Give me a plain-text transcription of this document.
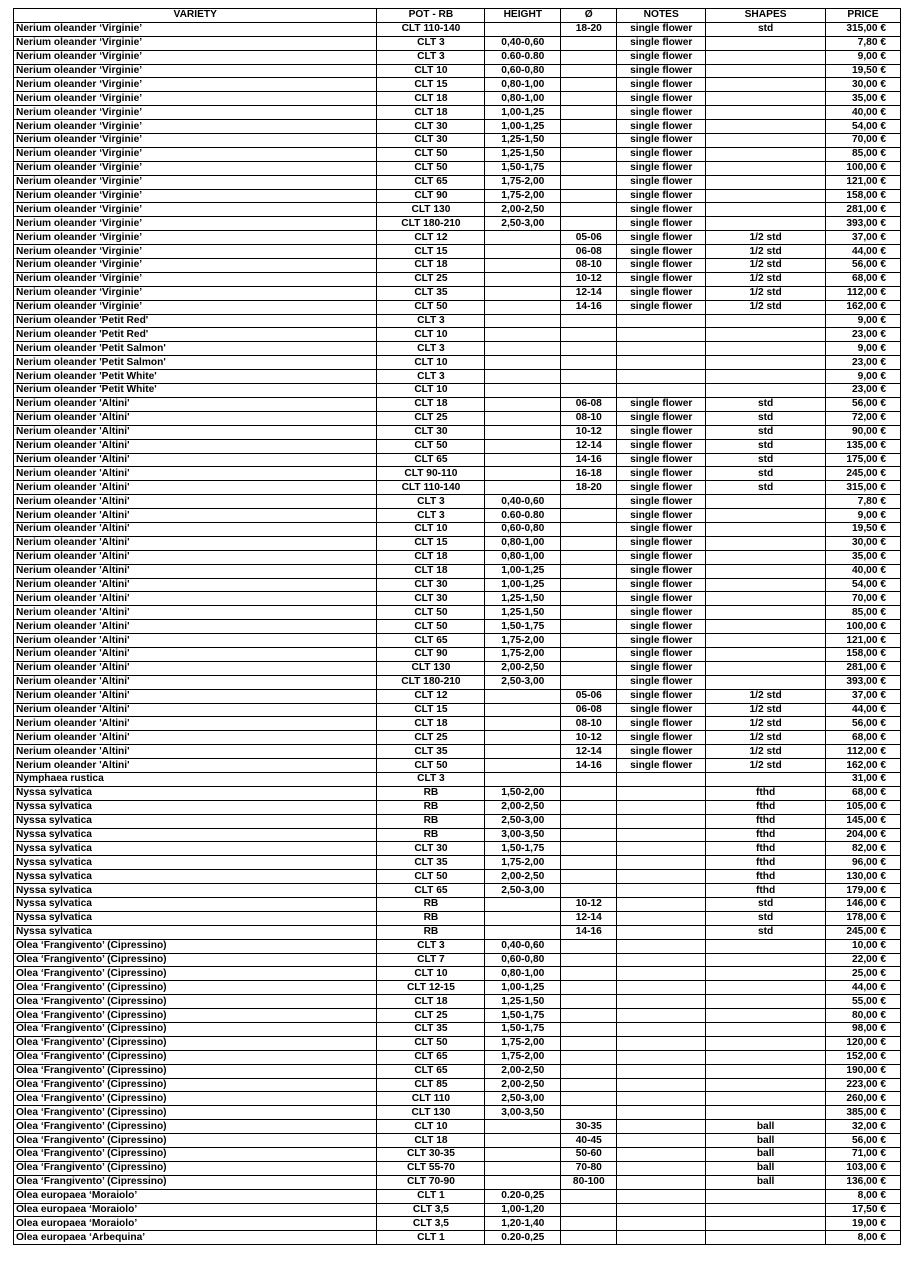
VARIETY	POT - RB	HEIGHT	Ø	NOTES	SHAPES	PRICE
Nerium oleander ‘Virginie’	CLT 110-140		18-20	single flower	std	315,00 €
Nerium oleander ‘Virginie’	CLT 3	0,40-0,60		single flower		7,80 €
Nerium oleander ‘Virginie’	CLT 3	0.60-0.80		single flower		9,00 €
Nerium oleander ‘Virginie’	CLT 10	0,60-0,80		single flower		19,50 €
Nerium oleander ‘Virginie’	CLT 15	0,80-1,00		single flower		30,00 €
Nerium oleander ‘Virginie’	CLT 18	0,80-1,00		single flower		35,00 €
Nerium oleander ‘Virginie’	CLT 18	1,00-1,25		single flower		40,00 €
Nerium oleander ‘Virginie’	CLT 30	1,00-1,25		single flower		54,00 €
Nerium oleander ‘Virginie’	CLT 30	1,25-1,50		single flower		70,00 €
Nerium oleander ‘Virginie’	CLT 50	1,25-1,50		single flower		85,00 €
Nerium oleander ‘Virginie’	CLT 50	1,50-1,75		single flower		100,00 €
Nerium oleander ‘Virginie’	CLT 65	1,75-2,00		single flower		121,00 €
Nerium oleander ‘Virginie’	CLT 90	1,75-2,00		single flower		158,00 €
Nerium oleander ‘Virginie’	CLT 130	2,00-2,50		single flower		281,00 €
Nerium oleander ‘Virginie’	CLT 180-210	2,50-3,00		single flower		393,00 €
Nerium oleander ‘Virginie’	CLT 12		05-06	single flower	1/2 std	37,00 €
Nerium oleander ‘Virginie’	CLT 15		06-08	single flower	1/2 std	44,00 €
Nerium oleander ‘Virginie’	CLT 18		08-10	single flower	1/2 std	56,00 €
Nerium oleander ‘Virginie’	CLT 25		10-12	single flower	1/2 std	68,00 €
Nerium oleander ‘Virginie’	CLT 35		12-14	single flower	1/2 std	112,00 €
Nerium oleander ‘Virginie’	CLT 50		14-16	single flower	1/2 std	162,00 €
Nerium oleander 'Petit Red'	CLT 3					9,00 €
Nerium oleander 'Petit Red'	CLT 10					23,00 €
Nerium oleander 'Petit Salmon'	CLT 3					9,00 €
Nerium oleander 'Petit Salmon'	CLT 10					23,00 €
Nerium oleander 'Petit White'	CLT 3					9,00 €
Nerium oleander 'Petit White'	CLT 10					23,00 €
Nerium oleander 'Altini'	CLT 18		06-08	single flower	std	56,00 €
Nerium oleander 'Altini'	CLT 25		08-10	single flower	std	72,00 €
Nerium oleander 'Altini'	CLT 30		10-12	single flower	std	90,00 €
Nerium oleander 'Altini'	CLT 50		12-14	single flower	std	135,00 €
Nerium oleander 'Altini'	CLT 65		14-16	single flower	std	175,00 €
Nerium oleander 'Altini'	CLT 90-110		16-18	single flower	std	245,00 €
Nerium oleander 'Altini'	CLT 110-140		18-20	single flower	std	315,00 €
Nerium oleander 'Altini'	CLT 3	0,40-0,60		single flower		7,80 €
Nerium oleander 'Altini'	CLT 3	0.60-0.80		single flower		9,00 €
Nerium oleander 'Altini'	CLT 10	0,60-0,80		single flower		19,50 €
Nerium oleander 'Altini'	CLT 15	0,80-1,00		single flower		30,00 €
Nerium oleander 'Altini'	CLT 18	0,80-1,00		single flower		35,00 €
Nerium oleander 'Altini'	CLT 18	1,00-1,25		single flower		40,00 €
Nerium oleander 'Altini'	CLT 30	1,00-1,25		single flower		54,00 €
Nerium oleander 'Altini'	CLT 30	1,25-1,50		single flower		70,00 €
Nerium oleander 'Altini'	CLT 50	1,25-1,50		single flower		85,00 €
Nerium oleander 'Altini'	CLT 50	1,50-1,75		single flower		100,00 €
Nerium oleander 'Altini'	CLT 65	1,75-2,00		single flower		121,00 €
Nerium oleander 'Altini'	CLT 90	1,75-2,00		single flower		158,00 €
Nerium oleander 'Altini'	CLT 130	2,00-2,50		single flower		281,00 €
Nerium oleander 'Altini'	CLT 180-210	2,50-3,00		single flower		393,00 €
Nerium oleander 'Altini'	CLT 12		05-06	single flower	1/2 std	37,00 €
Nerium oleander 'Altini'	CLT 15		06-08	single flower	1/2 std	44,00 €
Nerium oleander 'Altini'	CLT 18		08-10	single flower	1/2 std	56,00 €
Nerium oleander 'Altini'	CLT 25		10-12	single flower	1/2 std	68,00 €
Nerium oleander 'Altini'	CLT 35		12-14	single flower	1/2 std	112,00 €
Nerium oleander 'Altini'	CLT 50		14-16	single flower	1/2 std	162,00 €
Nymphaea rustica	CLT 3					31,00 €
Nyssa sylvatica	RB	1,50-2,00			fthd	68,00 €
Nyssa sylvatica	RB	2,00-2,50			fthd	105,00 €
Nyssa sylvatica	RB	2,50-3,00			fthd	145,00 €
Nyssa sylvatica	RB	3,00-3,50			fthd	204,00 €
Nyssa sylvatica	CLT 30	1,50-1,75			fthd	82,00 €
Nyssa sylvatica	CLT 35	1,75-2,00			fthd	96,00 €
Nyssa sylvatica	CLT 50	2,00-2,50			fthd	130,00 €
Nyssa sylvatica	CLT 65	2,50-3,00			fthd	179,00 €
Nyssa sylvatica	RB		10-12		std	146,00 €
Nyssa sylvatica	RB		12-14		std	178,00 €
Nyssa sylvatica	RB		14-16		std	245,00 €
Olea ‘Frangivento’ (Cipressino)	CLT 3	0,40-0,60				10,00 €
Olea ‘Frangivento’ (Cipressino)	CLT 7	0,60-0,80				22,00 €
Olea ‘Frangivento’ (Cipressino)	CLT 10	0,80-1,00				25,00 €
Olea ‘Frangivento’ (Cipressino)	CLT 12-15	1,00-1,25				44,00 €
Olea ‘Frangivento’ (Cipressino)	CLT 18	1,25-1,50				55,00 €
Olea ‘Frangivento’ (Cipressino)	CLT 25	1,50-1,75				80,00 €
Olea ‘Frangivento’ (Cipressino)	CLT 35	1,50-1,75				98,00 €
Olea ‘Frangivento’ (Cipressino)	CLT 50	1,75-2,00				120,00 €
Olea ‘Frangivento’ (Cipressino)	CLT 65	1,75-2,00				152,00 €
Olea ‘Frangivento’ (Cipressino)	CLT 65	2,00-2,50				190,00 €
Olea ‘Frangivento’ (Cipressino)	CLT 85	2,00-2,50				223,00 €
Olea ‘Frangivento’ (Cipressino)	CLT 110	2,50-3,00				260,00 €
Olea ‘Frangivento’ (Cipressino)	CLT 130	3,00-3,50				385,00 €
Olea ‘Frangivento’ (Cipressino)	CLT 10		30-35		ball	32,00 €
Olea ‘Frangivento’ (Cipressino)	CLT 18		40-45		ball	56,00 €
Olea ‘Frangivento’ (Cipressino)	CLT 30-35		50-60		ball	71,00 €
Olea ‘Frangivento’ (Cipressino)	CLT 55-70		70-80		ball	103,00 €
Olea ‘Frangivento’ (Cipressino)	CLT 70-90		80-100		ball	136,00 €
Olea europaea ‘Moraiolo’	CLT 1	0.20-0,25				8,00 €
Olea europaea ‘Moraiolo’	CLT 3,5	1,00-1,20				17,50 €
Olea europaea ‘Moraiolo’	CLT 3,5	1,20-1,40				19,00 €
Olea europaea ‘Arbequina’	CLT 1	0.20-0,25				8,00 €
